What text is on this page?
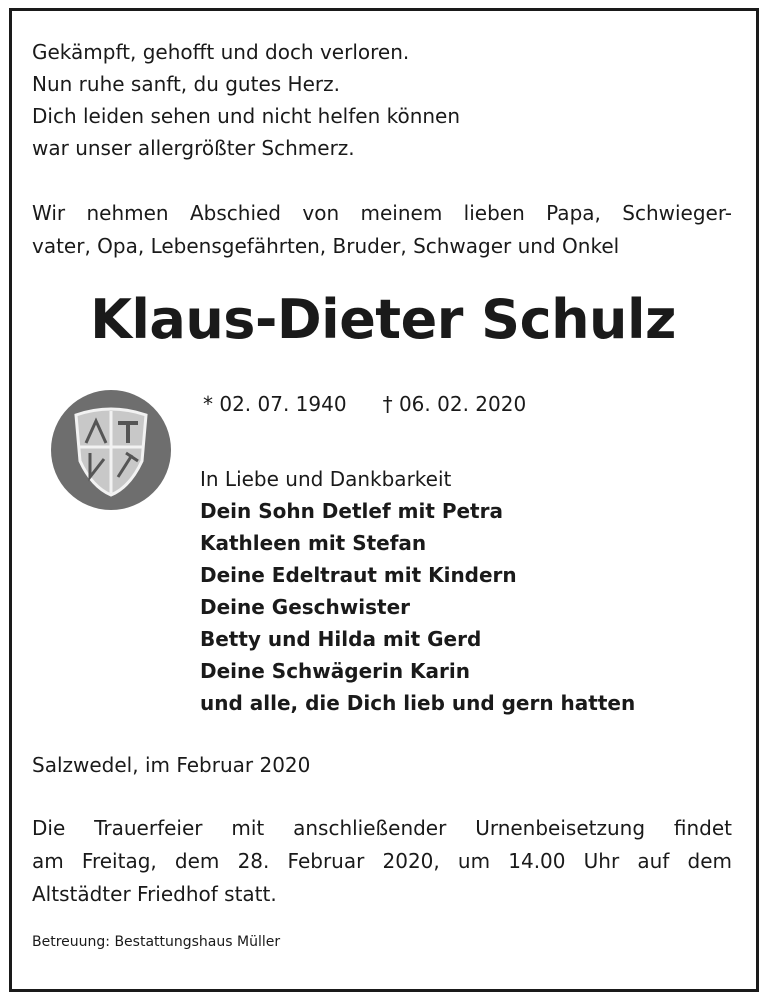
Gekämpft, gehofft und doch verloren.
Nun ruhe sanft, du gutes Herz.
Dich leiden sehen und nicht helfen können
war unser allergrößter Schmerz.
Wir nehmen Abschied von meinem lieben Papa, Schwieger-
vater, Opa, Lebensgefährten, Bruder, Schwager und Onkel
Klaus-Dieter Schulz
* 02. 07. 1940 † 06. 02. 2020
In Liebe und Dankbarkeit
Dein Sohn Detlef mit Petra
Kathleen mit Stefan
Deine Edeltraut mit Kindern
Deine Geschwister
Betty und Hilda mit Gerd
Deine Schwägerin Karin
und alle, die Dich lieb und gern hatten
Salzwedel, im Februar 2020
Die Trauerfeier mit anschließender Urnenbeisetzung findet
am Freitag, dem 28. Februar 2020, um 14.00 Uhr auf dem
Altstädter Friedhof statt.
Betreuung: Bestattungshaus Müller
